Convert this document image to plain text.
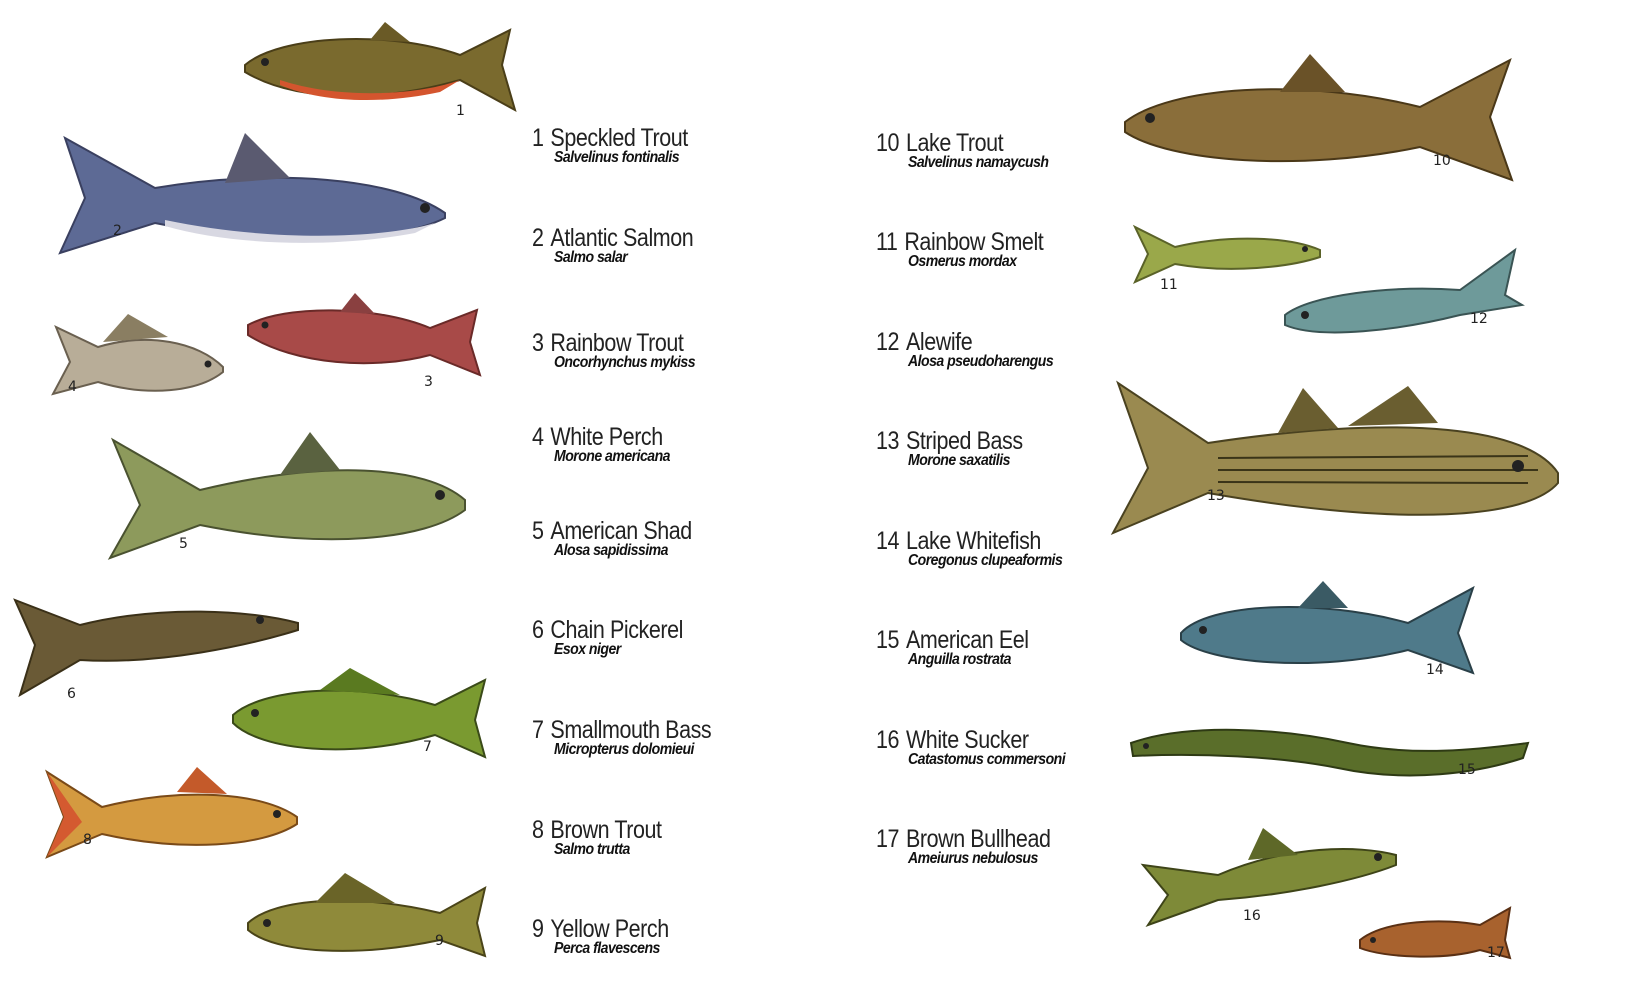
1
2
3
4
5
6
7
8
9
10
11
12
13
14
15
16
17
1 Speckled Trout
Salvelinus fontinalis
2 Atlantic Salmon
Salmo salar
3 Rainbow Trout
Oncorhynchus mykiss
4 White Perch
Morone americana
5 American Shad
Alosa sapidissima
6 Chain Pickerel
Esox niger
7 Smallmouth Bass
Micropterus dolomieui
8 Brown Trout
Salmo trutta
9 Yellow Perch
Perca flavescens
10 Lake Trout
Salvelinus namaycush
11 Rainbow Smelt
Osmerus mordax
12 Alewife
Alosa pseudoharengus
13 Striped Bass
Morone saxatilis
14 Lake Whitefish
Coregonus clupeaformis
15 American Eel
Anguilla rostrata
16 White Sucker
Catastomus commersoni
17 Brown Bullhead
Ameiurus nebulosus
